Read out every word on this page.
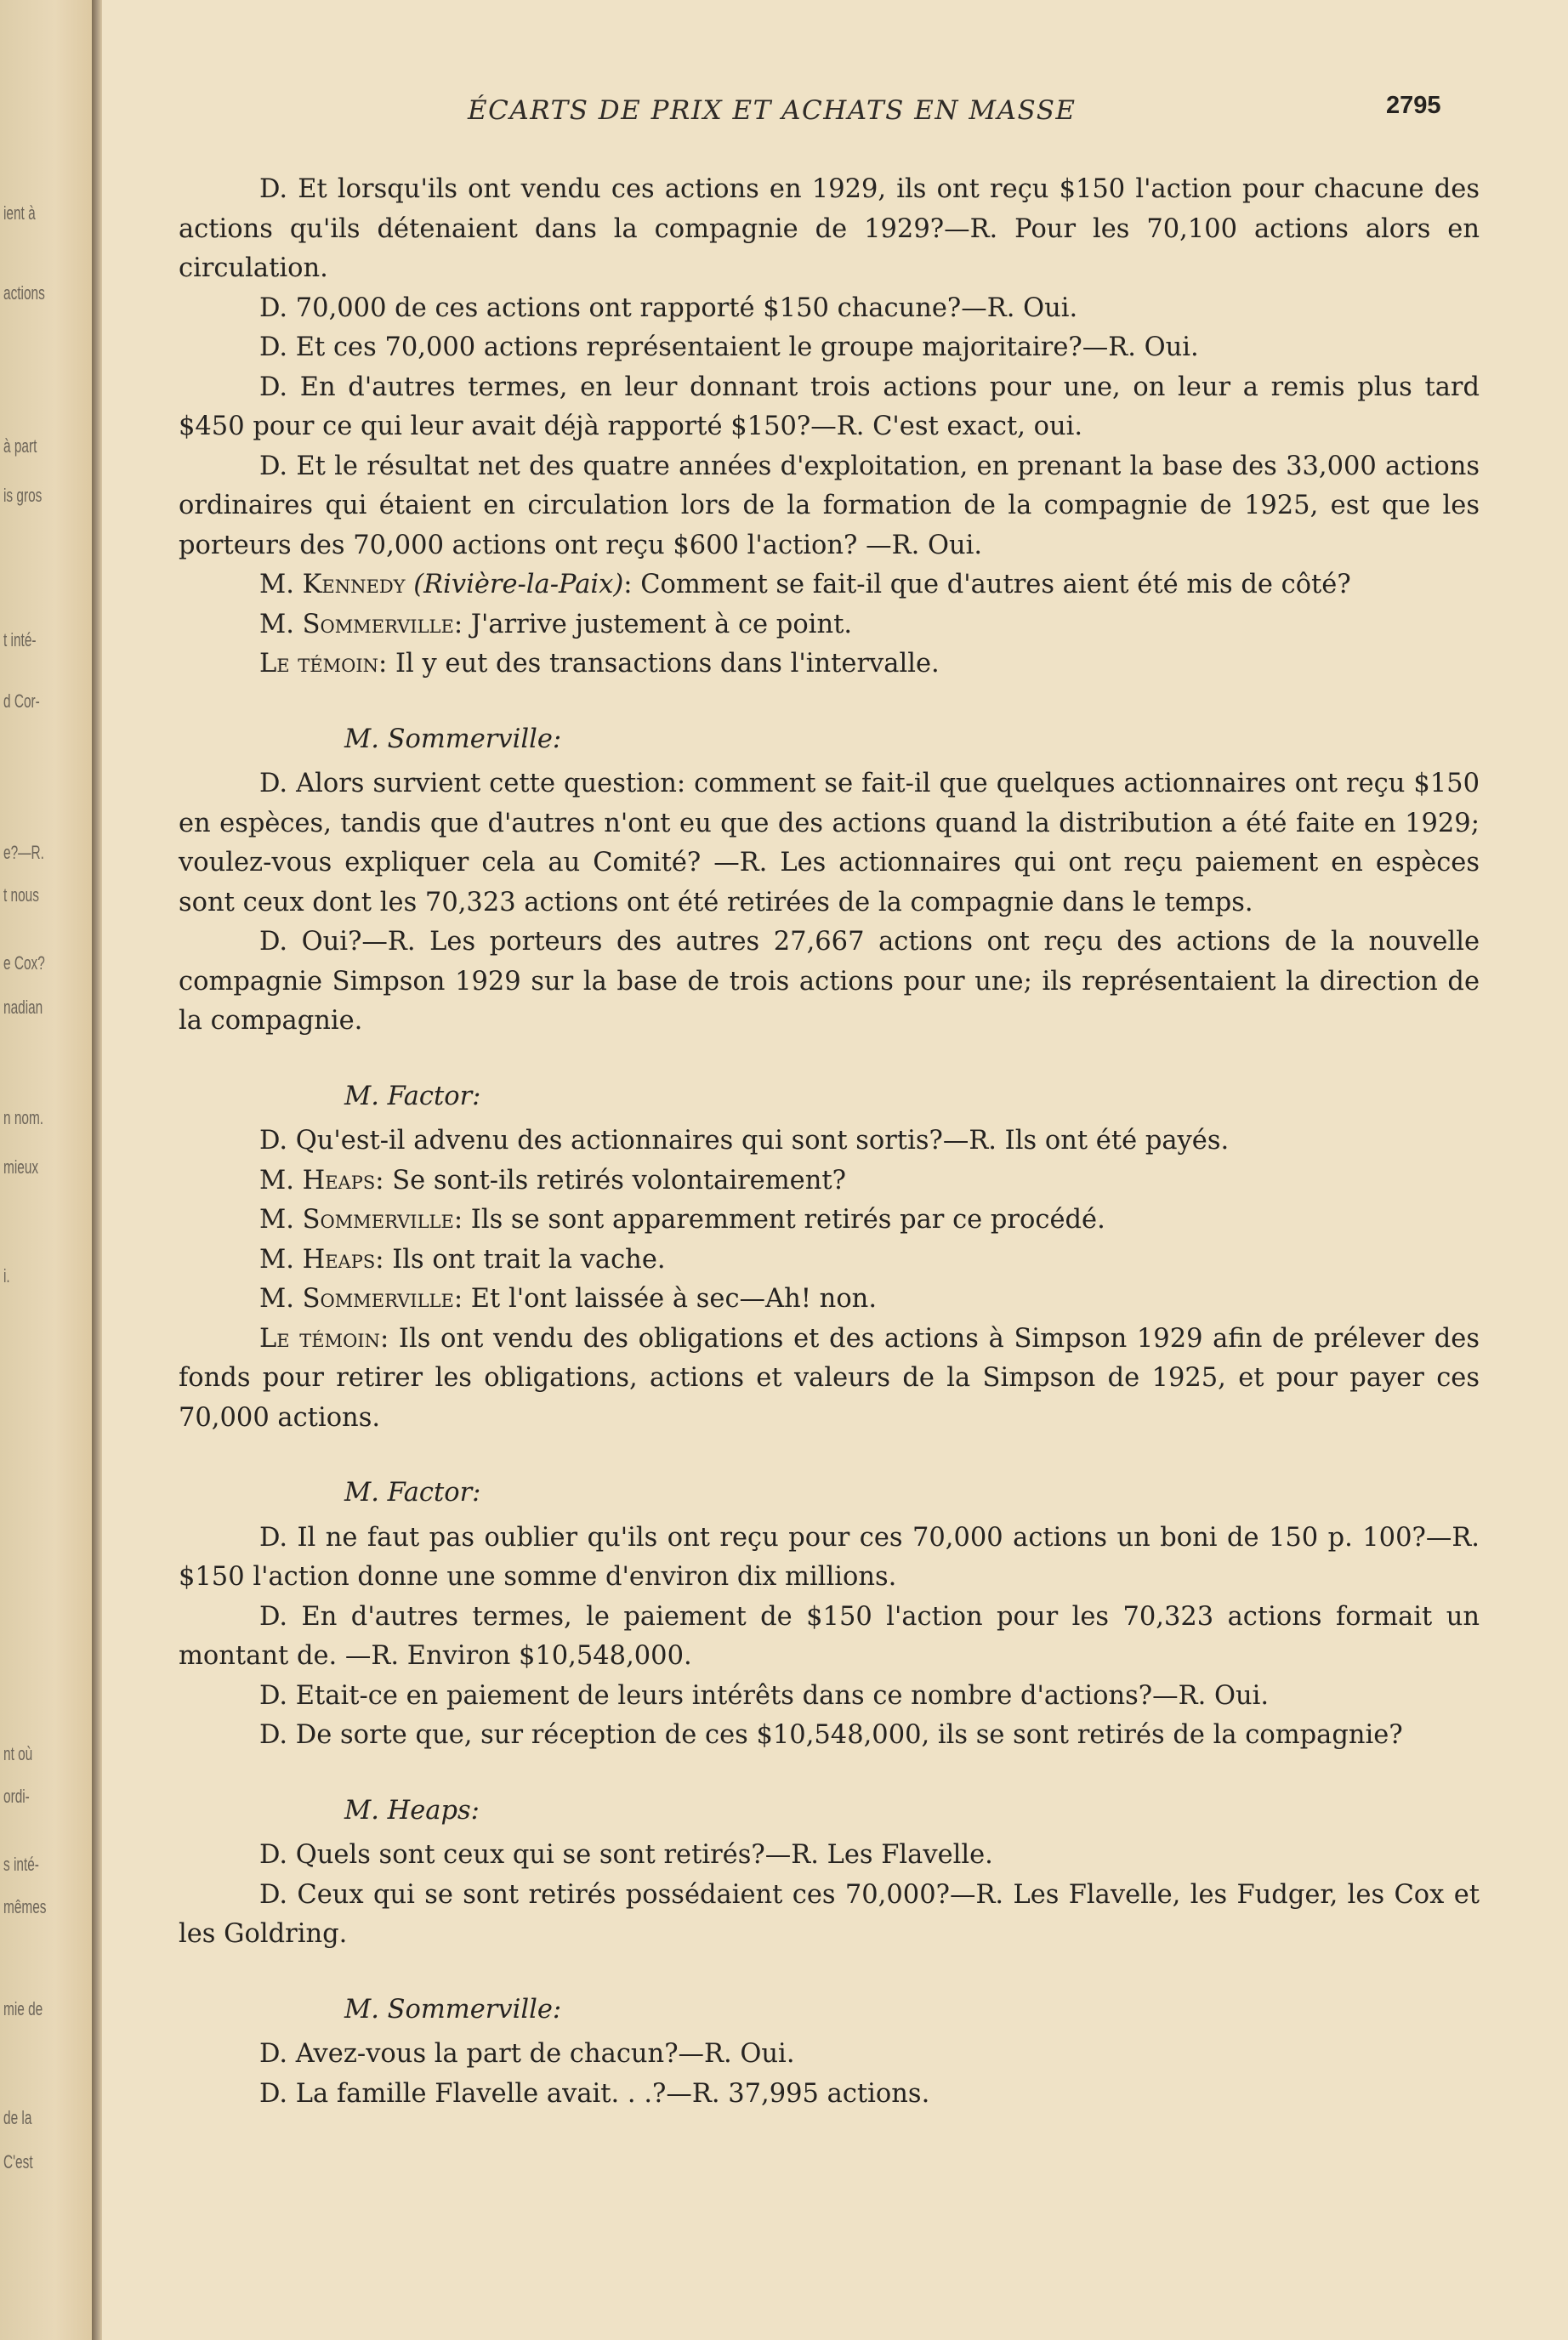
ient à
actions
à part
is gros
t inté-
d Cor-
e?—R.
t nous
e Cox?
nadian
n nom.
mieux
i.
nt où
ordi-
s inté-
mêmes
mie de
de la
C'est
ÉCARTS DE PRIX ET ACHATS EN MASSE	2795

D. Et lorsqu'ils ont vendu ces actions en 1929, ils ont reçu $150 l'action pour chacune des actions qu'ils détenaient dans la compagnie de 1929?—R. Pour les 70,100 actions alors en circulation.

D. 70,000 de ces actions ont rapporté $150 chacune?—R. Oui.

D. Et ces 70,000 actions représentaient le groupe majoritaire?—R. Oui.

D. En d'autres termes, en leur donnant trois actions pour une, on leur a remis plus tard $450 pour ce qui leur avait déjà rapporté $150?—R. C'est exact, oui.

D. Et le résultat net des quatre années d'exploitation, en prenant la base des 33,000 actions ordinaires qui étaient en circulation lors de la formation de la compagnie de 1925, est que les porteurs des 70,000 actions ont reçu $600 l'action? —R. Oui.

M. Kennedy (Rivière-la-Paix): Comment se fait-il que d'autres aient été mis de côté?

M. Sommerville: J'arrive justement à ce point.

Le témoin: Il y eut des transactions dans l'intervalle.

M. Sommerville:

D. Alors survient cette question: comment se fait-il que quelques actionnaires ont reçu $150 en espèces, tandis que d'autres n'ont eu que des actions quand la distribution a été faite en 1929; voulez-vous expliquer cela au Comité? —R. Les actionnaires qui ont reçu paiement en espèces sont ceux dont les 70,323 actions ont été retirées de la compagnie dans le temps.

D. Oui?—R. Les porteurs des autres 27,667 actions ont reçu des actions de la nouvelle compagnie Simpson 1929 sur la base de trois actions pour une; ils représentaient la direction de la compagnie.

M. Factor:

D. Qu'est-il advenu des actionnaires qui sont sortis?—R. Ils ont été payés.

M. Heaps: Se sont-ils retirés volontairement?

M. Sommerville: Ils se sont apparemment retirés par ce procédé.

M. Heaps: Ils ont trait la vache.

M. Sommerville: Et l'ont laissée à sec—Ah! non.

Le témoin: Ils ont vendu des obligations et des actions à Simpson 1929 afin de prélever des fonds pour retirer les obligations, actions et valeurs de la Simpson de 1925, et pour payer ces 70,000 actions.

M. Factor:

D. Il ne faut pas oublier qu'ils ont reçu pour ces 70,000 actions un boni de 150 p. 100?—R. $150 l'action donne une somme d'environ dix millions.

D. En d'autres termes, le paiement de $150 l'action pour les 70,323 actions formait un montant de. —R. Environ $10,548,000.

D. Etait-ce en paiement de leurs intérêts dans ce nombre d'actions?—R. Oui.

D. De sorte que, sur réception de ces $10,548,000, ils se sont retirés de la compagnie?

M. Heaps:

D. Quels sont ceux qui se sont retirés?—R. Les Flavelle.

D. Ceux qui se sont retirés possédaient ces 70,000?—R. Les Flavelle, les Fudger, les Cox et les Goldring.

M. Sommerville:

D. Avez-vous la part de chacun?—R. Oui.

D. La famille Flavelle avait. . .?—R. 37,995 actions.
